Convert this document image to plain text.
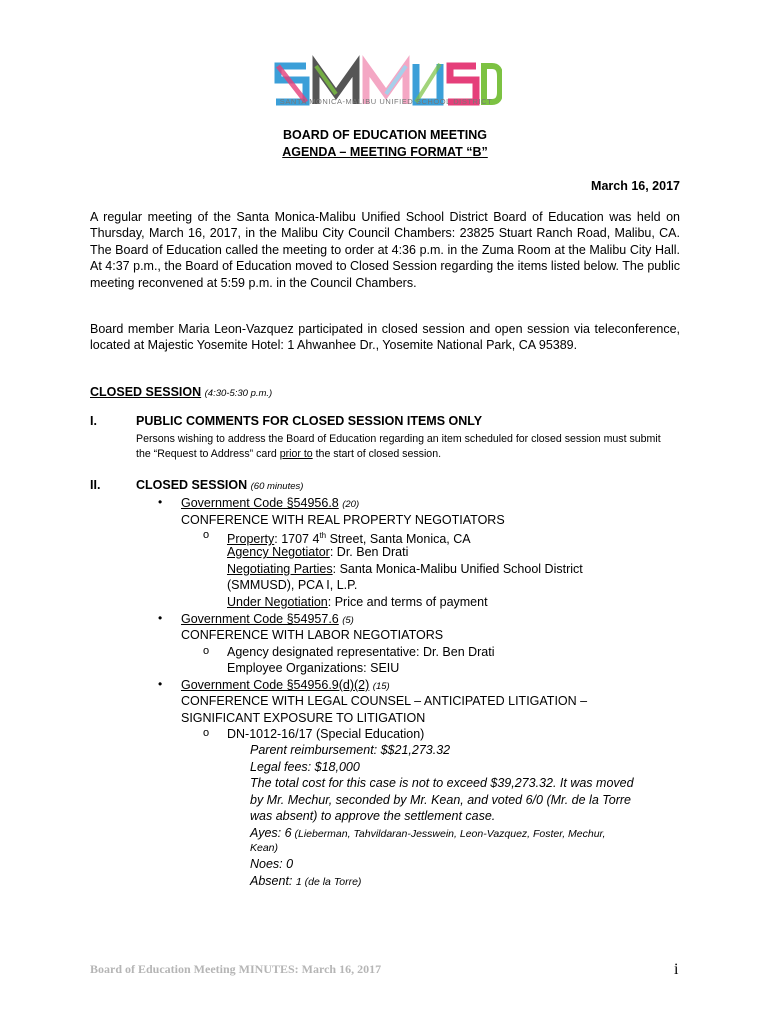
SANTA MONICA-MALIBU UNIFIED SCHOOL DISTRICT
BOARD OF EDUCATION MEETING
AGENDA – MEETING FORMAT “B”
March 16, 2017
A regular meeting of the Santa Monica-Malibu Unified School District Board of Education was held on Thursday, March 16, 2017, in the Malibu City Council Chambers: 23825 Stuart Ranch Road, Malibu, CA. The Board of Education called the meeting to order at 4:36 p.m. in the Zuma Room at the Malibu City Hall. At 4:37 p.m., the Board of Education moved to Closed Session regarding the items listed below. The public meeting reconvened at 5:59 p.m. in the Council Chambers.
Board member Maria Leon-Vazquez participated in closed session and open session via teleconference, located at Majestic Yosemite Hotel: 1 Ahwanhee Dr., Yosemite National Park, CA 95389.
CLOSED SESSION (4:30-5:30 p.m.)
I.	PUBLIC COMMENTS FOR CLOSED SESSION ITEMS ONLY
Persons wishing to address the Board of Education regarding an item scheduled for closed session must submit the “Request to Address” card prior to the start of closed session.
II.	CLOSED SESSION (60 minutes)
• Government Code §54956.8 (20)
CONFERENCE WITH REAL PROPERTY NEGOTIATORS
o Property: 1707 4th Street, Santa Monica, CA
Agency Negotiator: Dr. Ben Drati
Negotiating Parties: Santa Monica-Malibu Unified School District
(SMMUSD), PCA I, L.P.
Under Negotiation: Price and terms of payment
• Government Code §54957.6 (5)
CONFERENCE WITH LABOR NEGOTIATORS
o Agency designated representative: Dr. Ben Drati
Employee Organizations: SEIU
• Government Code §54956.9(d)(2) (15)
CONFERENCE WITH LEGAL COUNSEL – ANTICIPATED LITIGATION –
SIGNIFICANT EXPOSURE TO LITIGATION
o DN-1012-16/17 (Special Education)
Parent reimbursement: $$21,273.32
Legal fees: $18,000
The total cost for this case is not to exceed $39,273.32. It was moved
by Mr. Mechur, seconded by Mr. Kean, and voted 6/0 (Mr. de la Torre
was absent) to approve the settlement case.
Ayes: 6 (Lieberman, Tahvildaran-Jesswein, Leon-Vazquez, Foster, Mechur,
Kean)
Noes: 0
Absent: 1 (de la Torre)
Board of Education Meeting MINUTES: March 16, 2017	i
